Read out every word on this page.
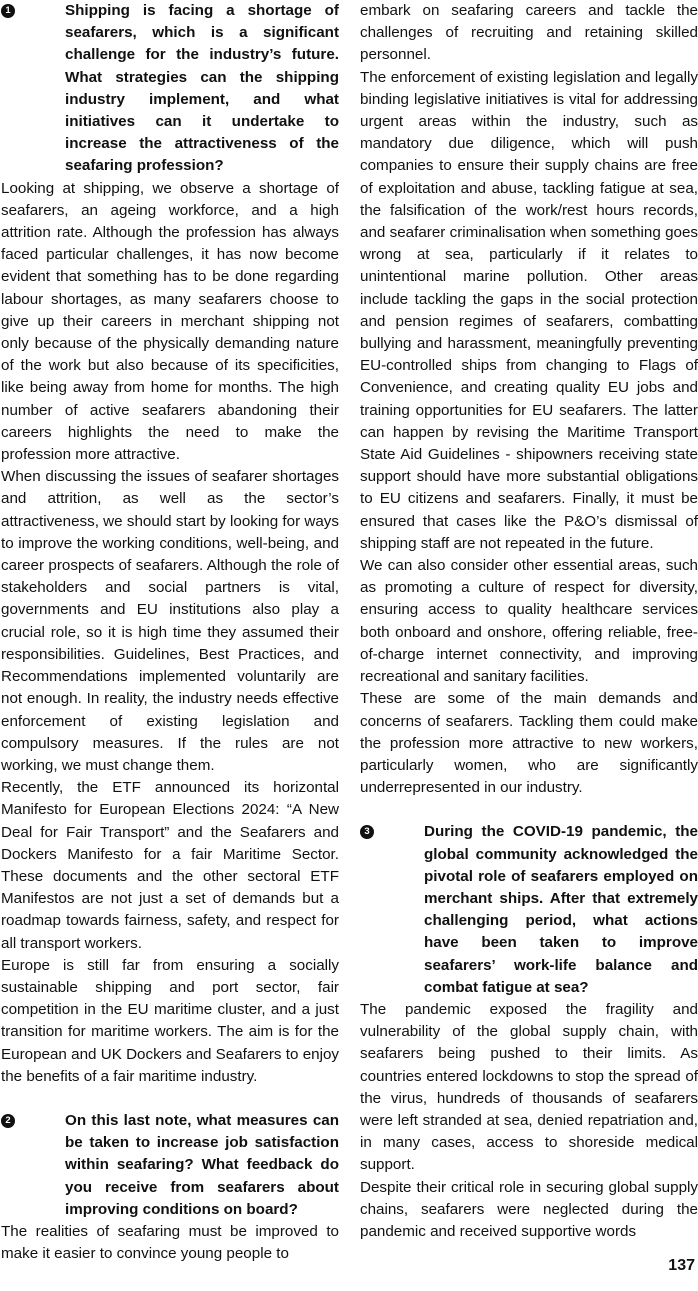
1	Shipping is facing a shortage of seafarers, which is a significant challenge for the industry’s future. What strategies can the shipping industry implement, and what initiatives can it undertake to increase the attractiveness of the seafaring profession?

Looking at shipping, we observe a shortage of seafarers, an ageing workforce, and a high attrition rate. Although the profession has always faced particular challenges, it has now become evident that something has to be done regarding labour shortages, as many seafarers choose to give up their careers in merchant shipping not only because of the physically demanding nature of the work but also because of its specificities, like being away from home for months. The high number of active seafarers abandoning their careers highlights the need to make the profession more attractive.

When discussing the issues of seafarer shortages and attrition, as well as the sector’s attractiveness, we should start by looking for ways to improve the working conditions, well-being, and career prospects of seafarers. Although the role of stakeholders and social partners is vital, governments and EU institutions also play a crucial role, so it is high time they assumed their responsibilities. Guidelines, Best Practices, and Recommendations implemented voluntarily are not enough. In reality, the industry needs effective enforcement of existing legislation and compulsory measures. If the rules are not working, we must change them.

Recently, the ETF announced its horizontal Manifesto for European Elections 2024: “A New Deal for Fair Transport” and the Seafarers and Dockers Manifesto for a fair Maritime Sector. These documents and the other sectoral ETF Manifestos are not just a set of demands but a roadmap towards fairness, safety, and respect for all transport workers.

Europe is still far from ensuring a socially sustainable shipping and port sector, fair competition in the EU maritime cluster, and a just transition for maritime workers. The aim is for the European and UK Dockers and Seafarers to enjoy the benefits of a fair maritime industry.

2	On this last note, what measures can be taken to increase job satisfaction within seafaring? What feedback do you receive from seafarers about improving conditions on board?

The realities of seafaring must be improved to make it easier to convince young people to

embark on seafaring careers and tackle the challenges of recruiting and retaining skilled personnel.

The enforcement of existing legislation and legally binding legislative initiatives is vital for addressing urgent areas within the industry, such as mandatory due diligence, which will push companies to ensure their supply chains are free of exploitation and abuse, tackling fatigue at sea, the falsification of the work/rest hours records, and seafarer criminalisation when something goes wrong at sea, particularly if it relates to unintentional marine pollution. Other areas include tackling the gaps in the social protection and pension regimes of seafarers, combatting bullying and harassment, meaningfully preventing EU-controlled ships from changing to Flags of Convenience, and creating quality EU jobs and training opportunities for EU seafarers. The latter can happen by revising the Maritime Transport State Aid Guidelines - shipowners receiving state support should have more substantial obligations to EU citizens and seafarers. Finally, it must be ensured that cases like the P&O’s dismissal of shipping staff are not repeated in the future.

We can also consider other essential areas, such as promoting a culture of respect for diversity, ensuring access to quality healthcare services both onboard and onshore, offering reliable, free-of-charge internet connectivity, and improving recreational and sanitary facilities.

These are some of the main demands and concerns of seafarers. Tackling them could make the profession more attractive to new workers, particularly women, who are significantly underrepresented in our industry.

3	During the COVID-19 pandemic, the global community acknowledged the pivotal role of seafarers employed on merchant ships. After that extremely challenging period, what actions have been taken to improve seafarers’ work-life balance and combat fatigue at sea?

The pandemic exposed the fragility and vulnerability of the global supply chain, with seafarers being pushed to their limits. As countries entered lockdowns to stop the spread of the virus, hundreds of thousands of seafarers were left stranded at sea, denied repatriation and, in many cases, access to shoreside medical support.

Despite their critical role in securing global supply chains, seafarers were neglected during the pandemic and received supportive words

137
